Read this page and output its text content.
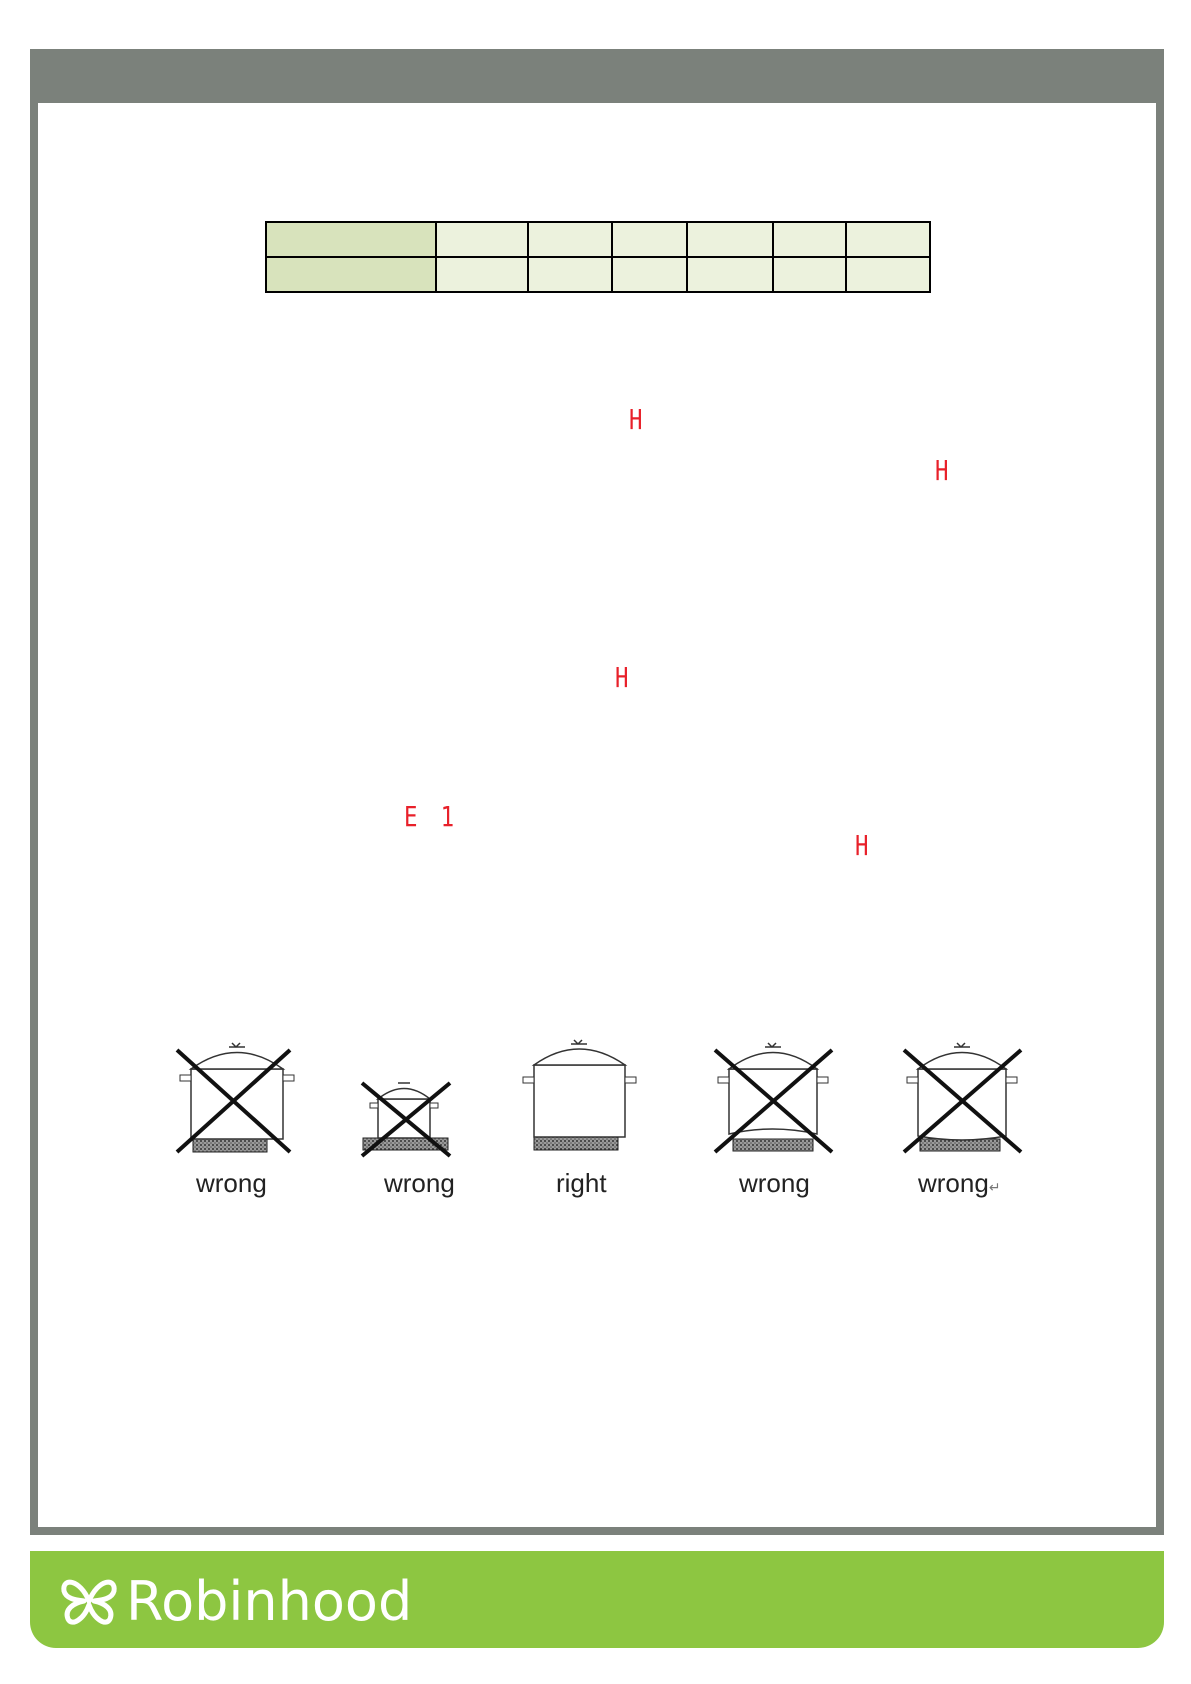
H
H
H
E 1
H
wrong	wrong	right	wrong	wrong↵
Robinhood
